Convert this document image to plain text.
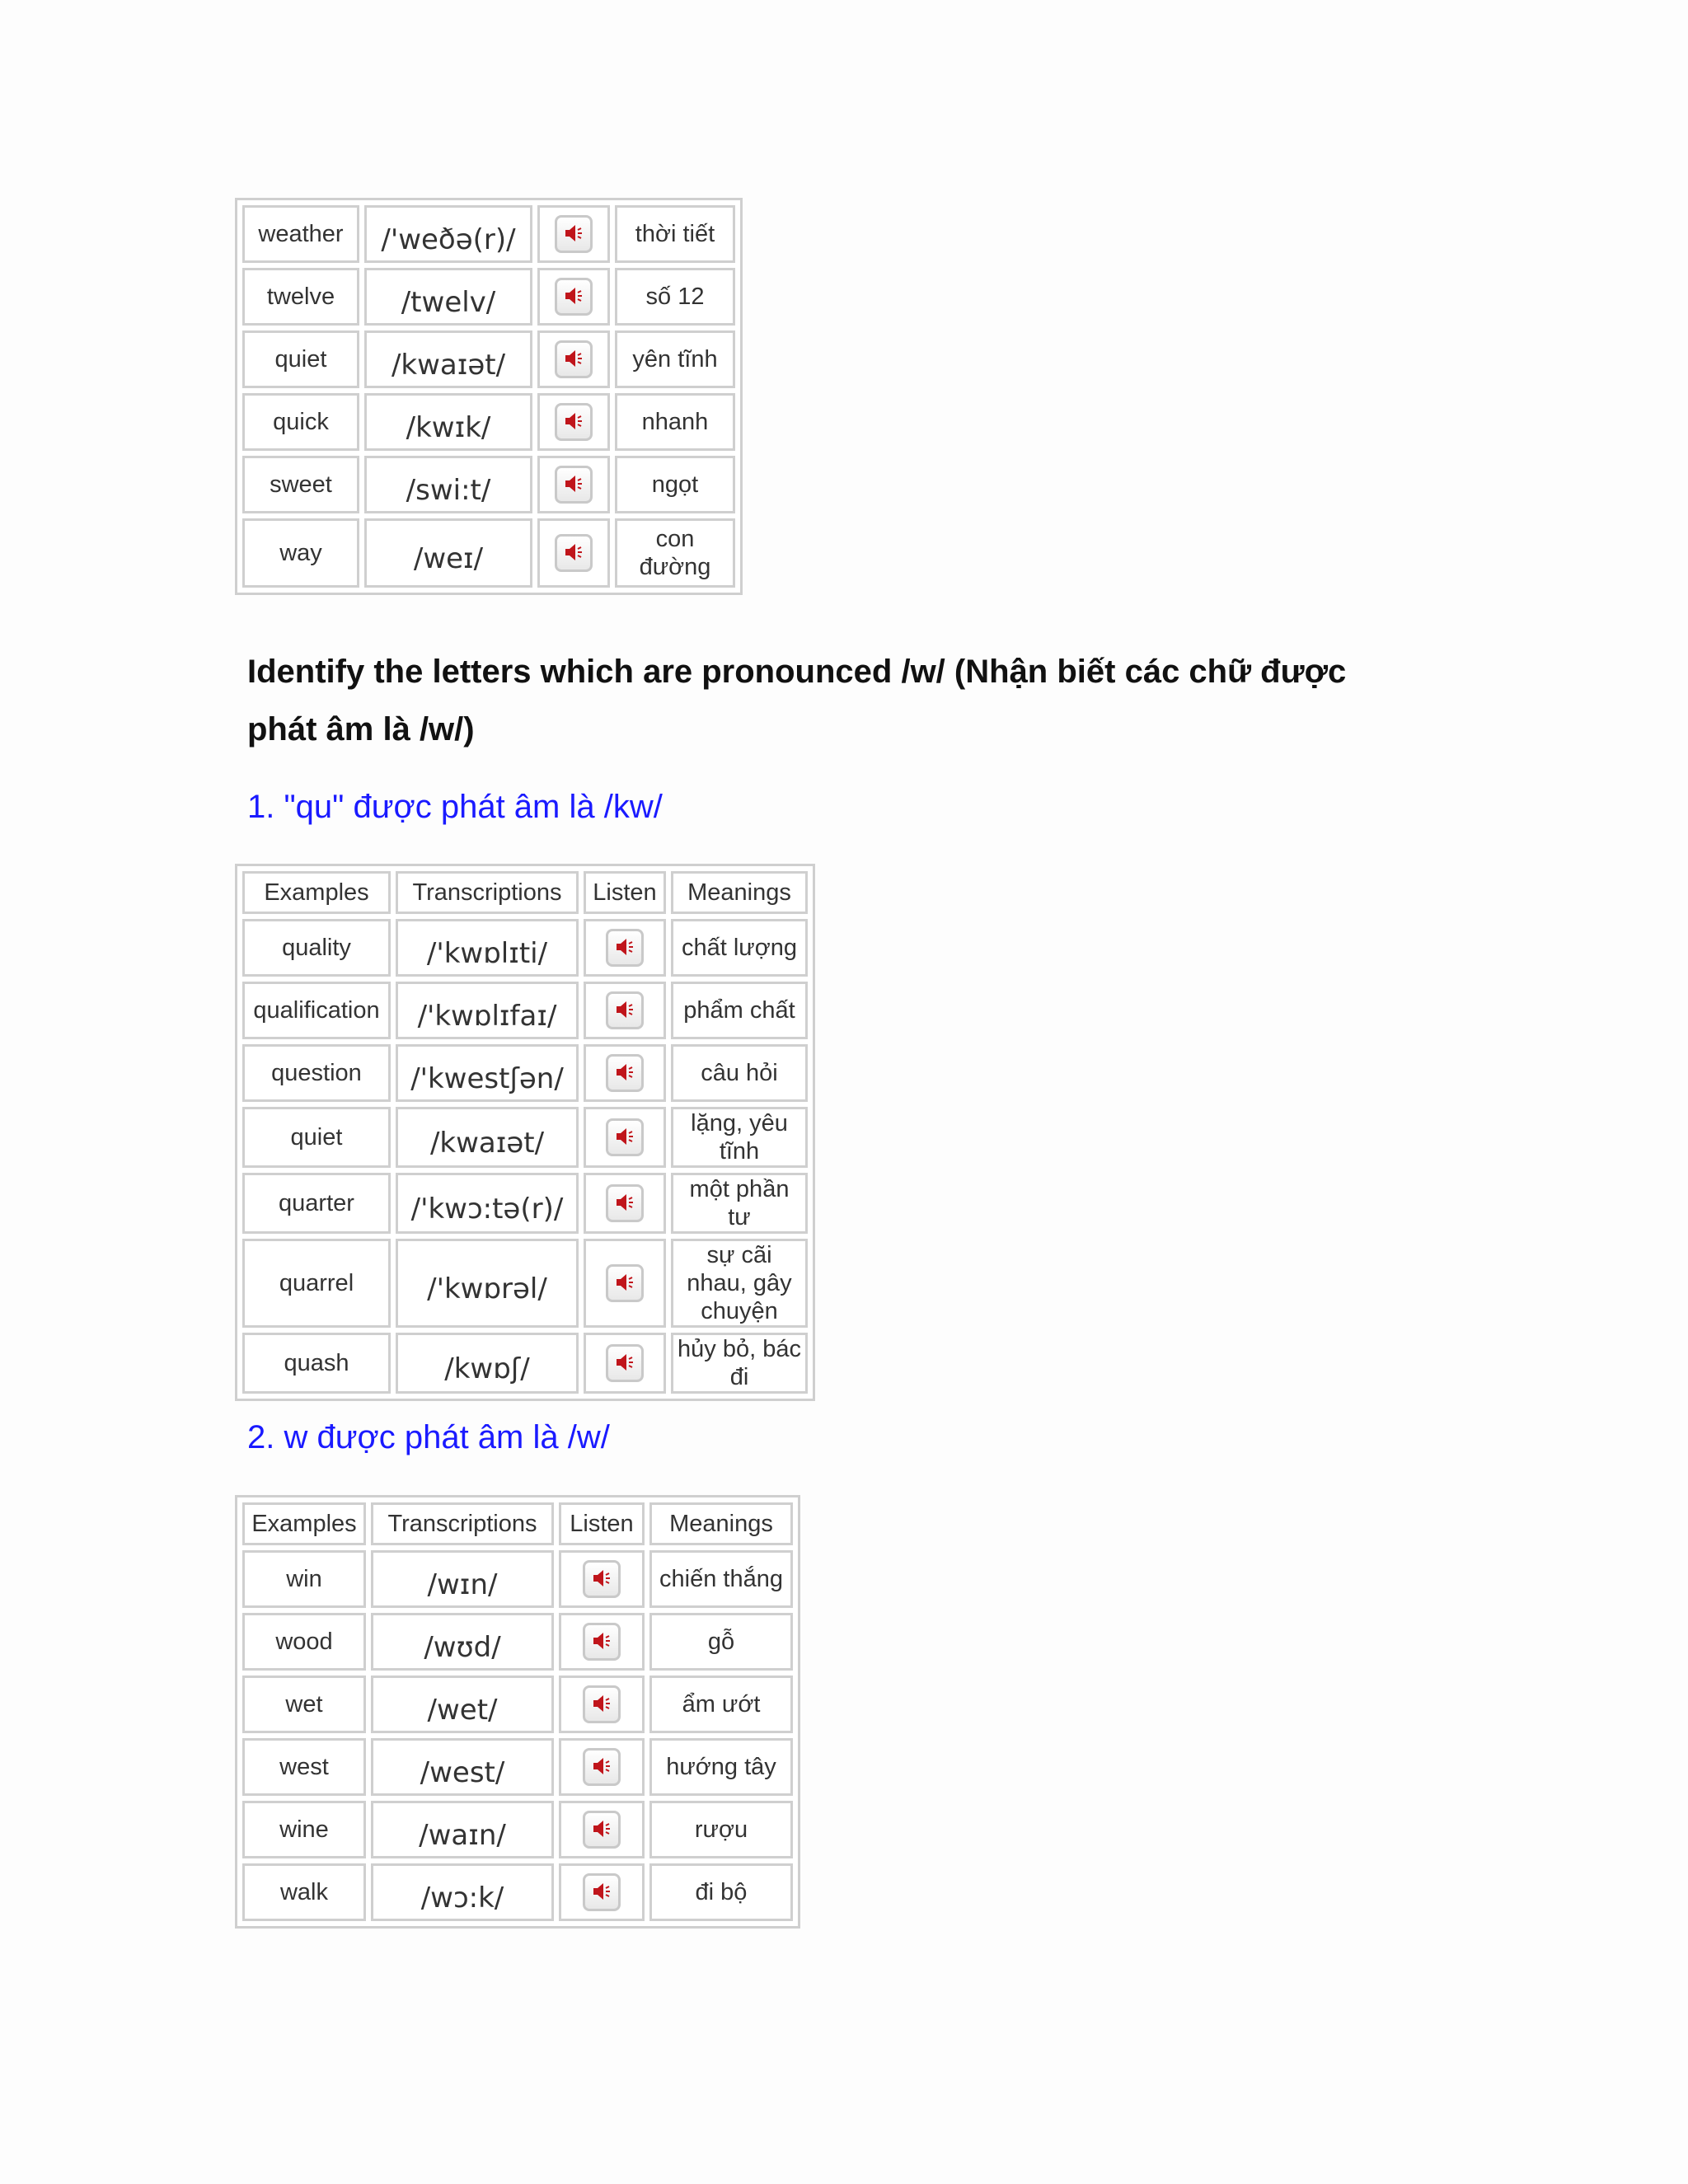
weather	/'weðə(r)/		thời tiết
twelve	/twelv/		số 12
quiet	/kwaɪət/		yên tĩnh
quick	/kwɪk/		nhanh
sweet	/swi:t/		ngọt
way	/weɪ/		con đường
Identify the letters which are pronounced /w/ (Nhận biết các chữ được
phát âm là /w/)
1. "qu" được phát âm là /kw/
Examples	Transcriptions	Listen	Meanings
quality	/'kwɒlɪti/		chất lượng
qualification	/'kwɒlɪfaɪ/		phẩm chất
question	/'kwestʃən/		câu hỏi
quiet	/kwaɪət/		lặng, yêu tĩnh
quarter	/'kwɔ:tə(r)/		một phần tư
quarrel	/'kwɒrəl/		sự cãi nhau, gây chuyện
quash	/kwɒʃ/		hủy bỏ, bác đi
2. w được phát âm là /w/
Examples	Transcriptions	Listen	Meanings
win	/wɪn/		chiến thắng
wood	/wʊd/		gỗ
wet	/wet/		ẩm ướt
west	/west/		hướng tây
wine	/waɪn/		rượu
walk	/wɔ:k/		đi bộ
